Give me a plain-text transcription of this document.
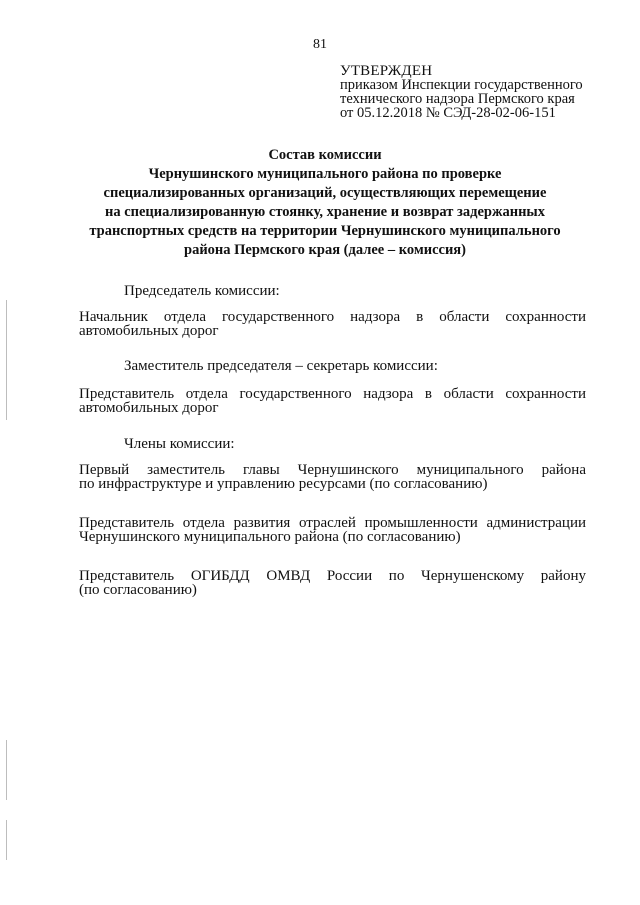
81
УТВЕРЖДЕН
приказом Инспекции государственного
технического надзора Пермского края
от 05.12.2018 № СЭД-28-02-06-151
Состав комиссии
Чернушинского муниципального района по проверке
специализированных организаций, осуществляющих перемещение
на специализированную стоянку, хранение и возврат задержанных
транспортных средств на территории Чернушинского муниципального
района Пермского края (далее – комиссия)
Председатель комиссии:
Начальник отдела государственного надзора в области сохранности
автомобильных дорог
Заместитель председателя – секретарь комиссии:
Представитель отдела государственного надзора в области сохранности
автомобильных дорог
Члены комиссии:
Первый заместитель главы Чернушинского муниципального района
по инфраструктуре и управлению ресурсами (по согласованию)
Представитель отдела развития отраслей промышленности администрации
Чернушинского муниципального района (по согласованию)
Представитель ОГИБДД ОМВД России по Чернушенскому району
(по согласованию)
